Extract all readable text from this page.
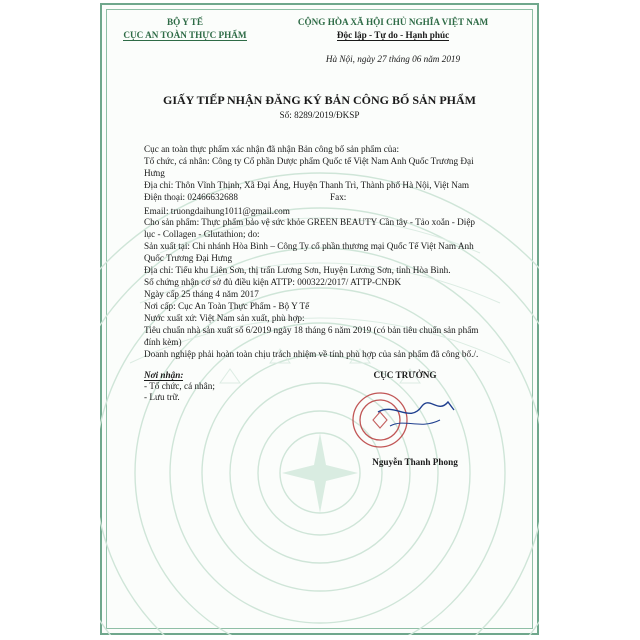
BỘ Y TẾ
CỤC AN TOÀN THỰC PHẨM
CỘNG HÒA XÃ HỘI CHỦ NGHĨA VIỆT NAM
Độc lập - Tự do - Hạnh phúc
Hà Nội, ngày 27 tháng 06 năm 2019
GIẤY TIẾP NHẬN ĐĂNG KÝ BẢN CÔNG BỐ SẢN PHẨM
Số: 8289/2019/ĐKSP
Cục an toàn thực phẩm xác nhận đã nhận Bản công bố sản phẩm của:
Tổ chức, cá nhân: Công ty Cổ phần Dược phẩm Quốc tế Việt Nam Anh Quốc Trương Đại
Hưng
Địa chỉ: Thôn Vĩnh Thịnh, Xã Đại Áng, Huyện Thanh Trì, Thành phố Hà Nội, Việt Nam
Điện thoại: 02466632688	Fax:
Email: truongdaihung1011@gmail.com
Cho sản phẩm: Thực phẩm bảo vệ sức khỏe GREEN BEAUTY Cần tây - Tảo xoắn - Diệp
lục - Collagen - Glutathion; do:
Sản xuất tại: Chi nhánh Hòa Bình – Công Ty cổ phần thương mại Quốc Tế Việt Nam Anh
Quốc Trương Đại Hưng
Địa chỉ: Tiểu khu Liên Sơn, thị trấn Lương Sơn, Huyện Lương Sơn, tỉnh Hòa Bình.
Số chứng nhận cơ sở đủ điều kiện ATTP: 000322/2017/ ATTP-CNĐK
Ngày cấp 25 tháng 4 năm 2017
Nơi cấp: Cục An Toàn Thực Phẩm - Bộ Y Tế
Nước xuất xứ: Việt Nam sản xuất, phù hợp:
Tiêu chuẩn nhà sản xuất số 6/2019 ngày 18 tháng 6 năm 2019 (có bản tiêu chuẩn sản phẩm
đính kèm)
Doanh nghiệp phải hoàn toàn chịu trách nhiệm về tính phù hợp của sản phẩm đã công bố./.
Nơi nhận:
- Tổ chức, cá nhân;
- Lưu trữ.
CỤC TRƯỞNG
Nguyễn Thanh Phong
